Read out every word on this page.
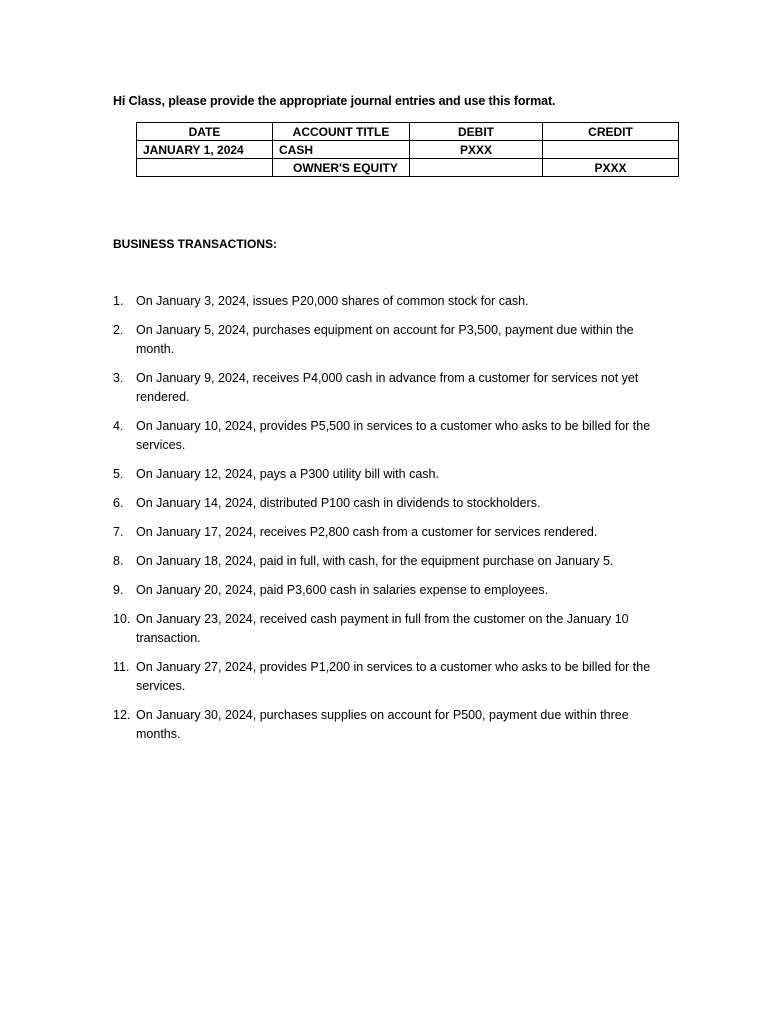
Hi Class, please provide the appropriate journal entries and use this format.
DATE	ACCOUNT TITLE	DEBIT	CREDIT
JANUARY 1, 2024	CASH	PXXX	
	OWNER'S EQUITY		PXXX
BUSINESS TRANSACTIONS:
1. On January 3, 2024, issues P20,000 shares of common stock for cash.
2. On January 5, 2024, purchases equipment on account for P3,500, payment due within the month.
3. On January 9, 2024, receives P4,000 cash in advance from a customer for services not yet rendered.
4. On January 10, 2024, provides P5,500 in services to a customer who asks to be billed for the services.
5. On January 12, 2024, pays a P300 utility bill with cash.
6. On January 14, 2024, distributed P100 cash in dividends to stockholders.
7. On January 17, 2024, receives P2,800 cash from a customer for services rendered.
8. On January 18, 2024, paid in full, with cash, for the equipment purchase on January 5.
9. On January 20, 2024, paid P3,600 cash in salaries expense to employees.
10. On January 23, 2024, received cash payment in full from the customer on the January 10 transaction.
11. On January 27, 2024, provides P1,200 in services to a customer who asks to be billed for the services.
12. On January 30, 2024, purchases supplies on account for P500, payment due within three months.
